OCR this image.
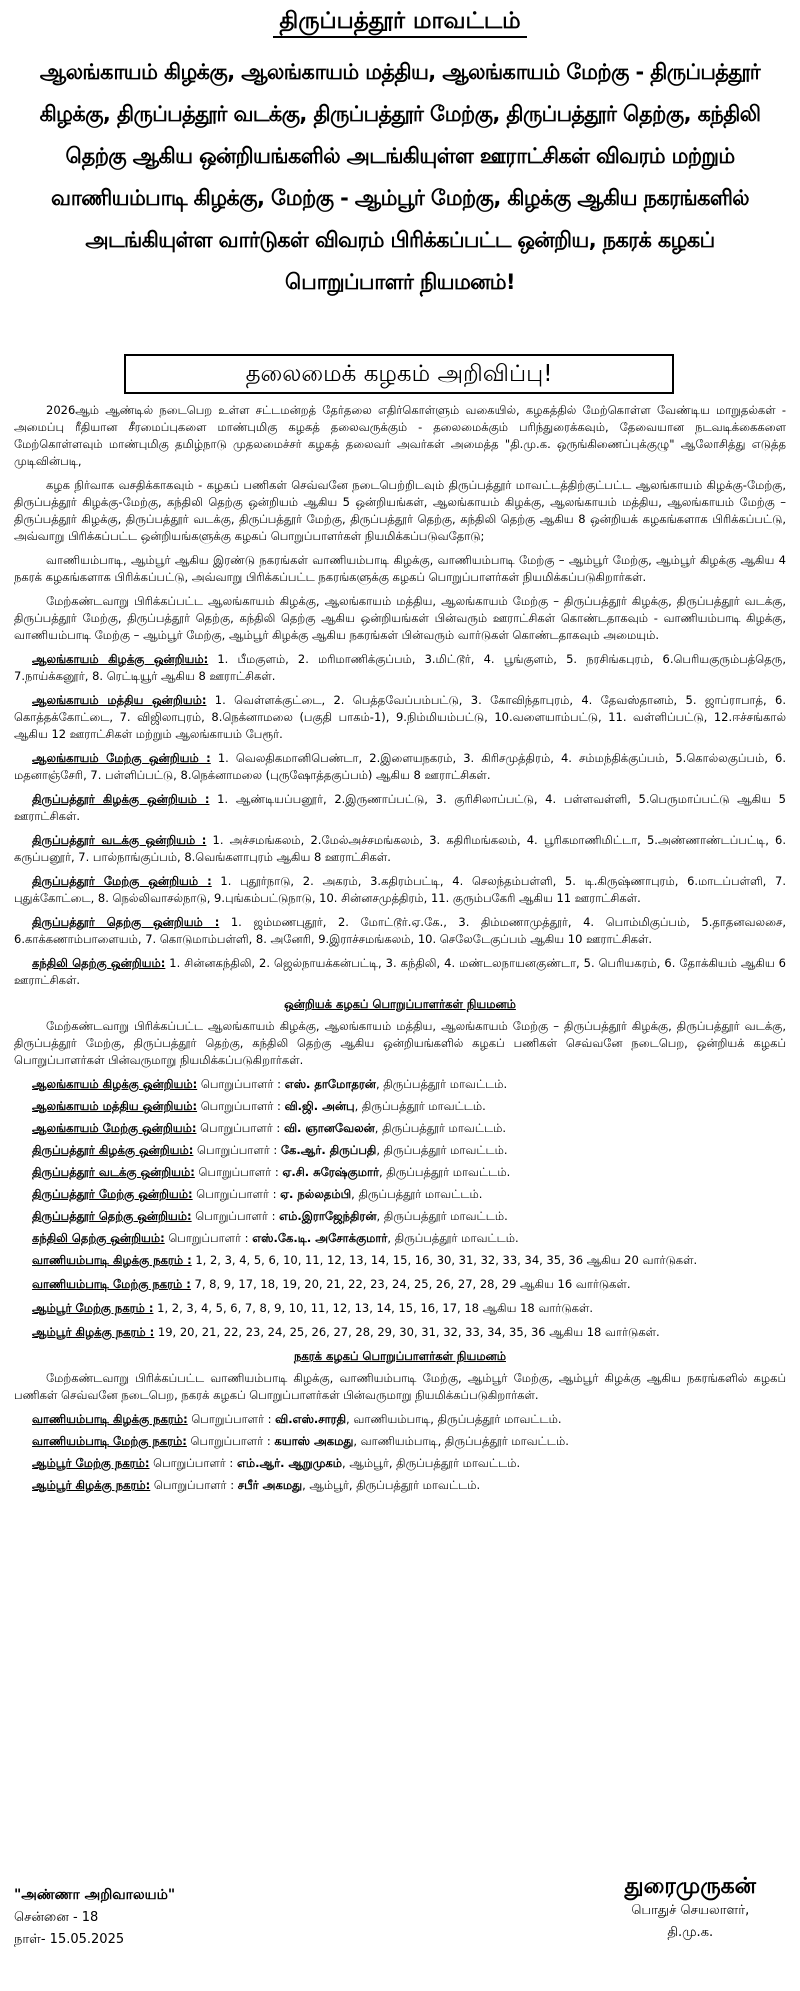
திருப்பத்தூர் மாவட்டம்
ஆலங்காயம் கிழக்கு, ஆலங்காயம் மத்திய, ஆலங்காயம் மேற்கு - திருப்பத்தூர் கிழக்கு, திருப்பத்தூர் வடக்கு, திருப்பத்தூர் மேற்கு, திருப்பத்தூர் தெற்கு, கந்திலி தெற்கு ஆகிய ஒன்றியங்களில் அடங்கியுள்ள ஊராட்சிகள் விவரம் மற்றும் வாணியம்பாடி கிழக்கு, மேற்கு - ஆம்பூர் மேற்கு, கிழக்கு ஆகிய நகரங்களில் அடங்கியுள்ள வார்டுகள் விவரம் பிரிக்கப்பட்ட ஒன்றிய, நகரக் கழகப் பொறுப்பாளர் நியமனம்!
தலைமைக் கழகம் அறிவிப்பு!

2026ஆம் ஆண்டில் நடைபெற உள்ள சட்டமன்றத் தேர்தலை எதிர்கொள்ளும் வகையில், கழகத்தில் மேற்கொள்ள வேண்டிய மாறுதல்கள் - அமைப்பு ரீதியான சீரமைப்புகளை மாண்புமிகு கழகத் தலைவருக்கும் - தலைமைக்கும் பரிந்துரைக்கவும், தேவையான நடவடிக்கைகளை மேற்கொள்ளவும் மாண்புமிகு தமிழ்நாடு முதலமைச்சர் கழகத் தலைவர் அவர்கள் அமைத்த "தி.மு.க. ஒருங்கிணைப்புக்குழு" ஆலோசித்து எடுத்த முடிவின்படி,

கழக நிர்வாக வசதிக்காகவும் - கழகப் பணிகள் செவ்வனே நடைபெற்றிடவும் திருப்பத்தூர் மாவட்டத்திற்குட்பட்ட ஆலங்காயம் கிழக்கு-மேற்கு, திருப்பத்தூர் கிழக்கு-மேற்கு, கந்திலி தெற்கு ஒன்றியம் ஆகிய 5 ஒன்றியங்கள், ஆலங்காயம் கிழக்கு, ஆலங்காயம் மத்திய, ஆலங்காயம் மேற்கு – திருப்பத்தூர் கிழக்கு, திருப்பத்தூர் வடக்கு, திருப்பத்தூர் மேற்கு, திருப்பத்தூர் தெற்கு, கந்திலி தெற்கு ஆகிய 8 ஒன்றியக் கழகங்களாக பிரிக்கப்பட்டு, அவ்வாறு பிரிக்கப்பட்ட ஒன்றியங்களுக்கு கழகப் பொறுப்பாளர்கள் நியமிக்கப்படுவதோடு;

வாணியம்பாடி, ஆம்பூர் ஆகிய இரண்டு நகரங்கள் வாணியம்பாடி கிழக்கு, வாணியம்பாடி மேற்கு – ஆம்பூர் மேற்கு, ஆம்பூர் கிழக்கு ஆகிய 4 நகரக் கழகங்களாக பிரிக்கப்பட்டு, அவ்வாறு பிரிக்கப்பட்ட நகரங்களுக்கு கழகப் பொறுப்பாளர்கள் நியமிக்கப்படுகிறார்கள்.

மேற்கண்டவாறு பிரிக்கப்பட்ட ஆலங்காயம் கிழக்கு, ஆலங்காயம் மத்திய, ஆலங்காயம் மேற்கு – திருப்பத்தூர் கிழக்கு, திருப்பத்தூர் வடக்கு, திருப்பத்தூர் மேற்கு, திருப்பத்தூர் தெற்கு, கந்திலி தெற்கு ஆகிய ஒன்றியங்கள் பின்வரும் ஊராட்சிகள் கொண்டதாகவும் - வாணியம்பாடி கிழக்கு, வாணியம்பாடி மேற்கு – ஆம்பூர் மேற்கு, ஆம்பூர் கிழக்கு ஆகிய நகரங்கள் பின்வரும் வார்டுகள் கொண்டதாகவும் அமையும்.

ஆலங்காயம் கிழக்கு ஒன்றியம்: 1. பீமகுளம், 2. மரிமாணிக்குப்பம், 3.மிட்டூர், 4. பூங்குளம், 5. நரசிங்கபுரம், 6.பெரியகுரும்பத்தெரு, 7.நாய்க்கனூர், 8. ரெட்டியூர் ஆகிய 8 ஊராட்சிகள்.

ஆலங்காயம் மத்திய ஒன்றியம்: 1. வெள்ளக்குட்டை, 2. பெத்தவேப்பம்பட்டு, 3. கோவிந்தாபுரம், 4. தேவஸ்தானம், 5. ஜாப்ராபாத், 6. கொத்தக்கோட்டை, 7. விஜிலாபுரம், 8.நெக்னாமலை (பகுதி பாகம்-1), 9.நிம்மியம்பட்டு, 10.வளையாம்பட்டு, 11. வள்ளிப்பட்டு, 12.ஈச்சங்கால் ஆகிய 12 ஊராட்சிகள் மற்றும் ஆலங்காயம் பேரூர்.

ஆலங்காயம் மேற்கு ஒன்றியம் : 1. வெலதிகமானிபெண்டா, 2.இளையநகரம், 3. கிரிசமுத்திரம், 4. சம்மந்திக்குப்பம், 5.கொல்லகுப்பம், 6. மதனாஞ்சேரி, 7. பள்ளிப்பட்டு, 8.நெக்னாமலை (புருஷோத்தகுப்பம்) ஆகிய 8 ஊராட்சிகள்.

திருப்பத்தூர் கிழக்கு ஒன்றியம் : 1. ஆண்டியப்பனூர், 2.இருணாப்பட்டு, 3. குரிசிலாப்பட்டு, 4. பள்ளவள்ளி, 5.பெருமாப்பட்டு ஆகிய 5 ஊராட்சிகள்.

திருப்பத்தூர் வடக்கு ஒன்றியம் : 1. அச்சமங்கலம், 2.மேல்அச்சமங்கலம், 3. கதிரிமங்கலம், 4. பூரிகமாணிமிட்டா, 5.அண்ணாண்டப்பட்டி, 6. கருப்பனூர், 7. பால்நாங்குப்பம், 8.வெங்களாபுரம் ஆகிய 8 ஊராட்சிகள்.

திருப்பத்தூர் மேற்கு ஒன்றியம் : 1. புதூர்நாடு, 2. அகரம், 3.கதிரம்பட்டி, 4. செலந்தம்பள்ளி, 5. டி.கிருஷ்ணாபுரம், 6.மாடப்பள்ளி, 7. புதுக்கோட்டை, 8. நெல்லிவாசல்நாடு, 9.புங்கம்பட்டுநாடு, 10. சின்னசமுத்திரம், 11. குரும்பகேரி ஆகிய 11 ஊராட்சிகள்.

திருப்பத்தூர் தெற்கு ஒன்றியம் : 1. ஜம்மணபுதூர், 2. மோட்டூர்.ஏ.கே., 3. திம்மணாமுத்தூர், 4. பொம்மிகுப்பம், 5.தாதனவலசை, 6.காக்கணாம்பாளையம், 7. கொடுமாம்பள்ளி, 8. அனேரி, 9.இராச்சமங்கலம், 10. செலேடேகுப்பம் ஆகிய 10 ஊராட்சிகள்.

கந்திலி தெற்கு ஒன்றியம்: 1. சின்னகந்திலி, 2. ஜெல்நாயக்கன்பட்டி, 3. கந்திலி, 4. மண்டலநாயனகுண்டா, 5. பெரியகரம், 6. தோக்கியம் ஆகிய 6 ஊராட்சிகள்.

ஒன்றியக் கழகப் பொறுப்பாளர்கள் நியமனம்

மேற்கண்டவாறு பிரிக்கப்பட்ட ஆலங்காயம் கிழக்கு, ஆலங்காயம் மத்திய, ஆலங்காயம் மேற்கு – திருப்பத்தூர் கிழக்கு, திருப்பத்தூர் வடக்கு, திருப்பத்தூர் மேற்கு, திருப்பத்தூர் தெற்கு, கந்திலி தெற்கு ஆகிய ஒன்றியங்களில் கழகப் பணிகள் செவ்வனே நடைபெற, ஒன்றியக் கழகப் பொறுப்பாளர்கள் பின்வருமாறு நியமிக்கப்படுகிறார்கள்.

ஆலங்காயம் கிழக்கு ஒன்றியம்: பொறுப்பாளர் : எஸ். தாமோதரன், திருப்பத்தூர் மாவட்டம்.
ஆலங்காயம் மத்திய ஒன்றியம்: பொறுப்பாளர் : வி.ஜி. அன்பு, திருப்பத்தூர் மாவட்டம்.
ஆலங்காயம் மேற்கு ஒன்றியம்: பொறுப்பாளர் : வி. ஞானவேலன், திருப்பத்தூர் மாவட்டம்.
திருப்பத்தூர் கிழக்கு ஒன்றியம்: பொறுப்பாளர் : கே.ஆர். திருப்பதி, திருப்பத்தூர் மாவட்டம்.
திருப்பத்தூர் வடக்கு ஒன்றியம்: பொறுப்பாளர் : ஏ.சி. சுரேஷ்குமார், திருப்பத்தூர் மாவட்டம்.
திருப்பத்தூர் மேற்கு ஒன்றியம்: பொறுப்பாளர் : ஏ. நல்லதம்பி, திருப்பத்தூர் மாவட்டம்.
திருப்பத்தூர் தெற்கு ஒன்றியம்: பொறுப்பாளர் : எம்.இராஜேந்திரன், திருப்பத்தூர் மாவட்டம்.
கந்திலி தெற்கு ஒன்றியம்: பொறுப்பாளர் : எஸ்.கே.டி. அசோக்குமார், திருப்பத்தூர் மாவட்டம்.

வாணியம்பாடி கிழக்கு நகரம் : 1, 2, 3, 4, 5, 6, 10, 11, 12, 13, 14, 15, 16, 30, 31, 32, 33, 34, 35, 36 ஆகிய 20 வார்டுகள்.

வாணியம்பாடி மேற்கு நகரம் : 7, 8, 9, 17, 18, 19, 20, 21, 22, 23, 24, 25, 26, 27, 28, 29 ஆகிய 16 வார்டுகள்.

ஆம்பூர் மேற்கு நகரம் : 1, 2, 3, 4, 5, 6, 7, 8, 9, 10, 11, 12, 13, 14, 15, 16, 17, 18 ஆகிய 18 வார்டுகள்.

ஆம்பூர் கிழக்கு நகரம் : 19, 20, 21, 22, 23, 24, 25, 26, 27, 28, 29, 30, 31, 32, 33, 34, 35, 36 ஆகிய 18 வார்டுகள்.

நகரக் கழகப் பொறுப்பாளர்கள் நியமனம்

மேற்கண்டவாறு பிரிக்கப்பட்ட வாணியம்பாடி கிழக்கு, வாணியம்பாடி மேற்கு, ஆம்பூர் மேற்கு, ஆம்பூர் கிழக்கு ஆகிய நகரங்களில் கழகப் பணிகள் செவ்வனே நடைபெற, நகரக் கழகப் பொறுப்பாளர்கள் பின்வருமாறு நியமிக்கப்படுகிறார்கள்.

வாணியம்பாடி கிழக்கு நகரம்: பொறுப்பாளர் : வி.எஸ்.சாரதி, வாணியம்பாடி, திருப்பத்தூர் மாவட்டம்.
வாணியம்பாடி மேற்கு நகரம்: பொறுப்பாளர் : கயாஸ் அகமது, வாணியம்பாடி, திருப்பத்தூர் மாவட்டம்.
ஆம்பூர் மேற்கு நகரம்: பொறுப்பாளர் : எம்.ஆர். ஆறுமுகம், ஆம்பூர், திருப்பத்தூர் மாவட்டம்.
ஆம்பூர் கிழக்கு நகரம்: பொறுப்பாளர் : சபீர் அகமது, ஆம்பூர், திருப்பத்தூர் மாவட்டம்.
"அண்ணா அறிவாலயம்"
சென்னை - 18
நாள்- 15.05.2025
துரைமுருகன்
பொதுச் செயலாளர்,
தி.மு.க.
